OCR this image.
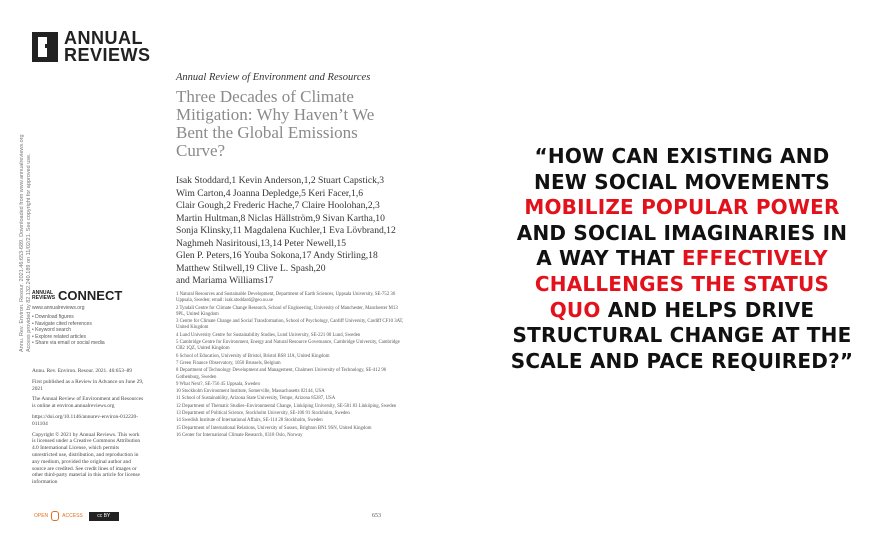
ANNUAL
REVIEWS
Annu. Rev. Environ. Resour. 2021.46:653-689. Downloaded from www.annualreviews.org Access provided by 82.132.240.189 on 11/02/21. See copyright for approved use.
Annual Review of Environment and Resources
Three Decades of Climate Mitigation: Why Haven’t We Bent the Global Emissions Curve?
Isak Stoddard,1 Kevin Anderson,1,2 Stuart Capstick,3
Wim Carton,4 Joanna Depledge,5 Keri Facer,1,6
Clair Gough,2 Frederic Hache,7 Claire Hoolohan,2,3
Martin Hultman,8 Niclas Hällström,9 Sivan Kartha,10
Sonja Klinsky,11 Magdalena Kuchler,1 Eva Lövbrand,12
Naghmeh Nasiritousi,13,14 Peter Newell,15
Glen P. Peters,16 Youba Sokona,17 Andy Stirling,18
Matthew Stilwell,19 Clive L. Spash,20
and Mariama Williams17
1 Natural Resources and Sustainable Development, Department of Earth Sciences, Uppsala University, SE-752 36 Uppsala, Sweden; email: isak.stoddard@geo.uu.se
2 Tyndall Centre for Climate Change Research, School of Engineering, University of Manchester, Manchester M13 9PL, United Kingdom
3 Centre for Climate Change and Social Transformation, School of Psychology, Cardiff University, Cardiff CF10 3AT, United Kingdom
4 Lund University Centre for Sustainability Studies, Lund University, SE-221 00 Lund, Sweden
5 Cambridge Centre for Environment, Energy and Natural Resource Governance, Cambridge University, Cambridge CB2 1QZ, United Kingdom
6 School of Education, University of Bristol, Bristol BS8 1JA, United Kingdom
7 Green Finance Observatory, 1050 Brussels, Belgium
8 Department of Technology Development and Management, Chalmers University of Technology, SE-412 96 Gothenburg, Sweden
9 What Next?, SE-756 45 Uppsala, Sweden
10 Stockholm Environment Institute, Somerville, Massachusetts 02144, USA
11 School of Sustainability, Arizona State University, Tempe, Arizona 85287, USA
12 Department of Thematic Studies–Environmental Change, Linköping University, SE-581 83 Linköping, Sweden
13 Department of Political Science, Stockholm University, SE-106 91 Stockholm, Sweden
14 Swedish Institute of International Affairs, SE-114 28 Stockholm, Sweden
15 Department of International Relations, University of Sussex, Brighton BN1 9SN, United Kingdom
16 Center for International Climate Research, 0318 Oslo, Norway
ANNUAL REVIEWS CONNECT
www.annualreviews.org
• Download figures
• Navigate cited references
• Keyword search
• Explore related articles
• Share via email or social media

Annu. Rev. Environ. Resour. 2021. 46:653–89

First published as a Review in Advance on June 29, 2021

The Annual Review of Environment and Resources is online at environ.annualreviews.org

https://doi.org/10.1146/annurev-environ-012220-011104

Copyright © 2021 by Annual Reviews. This work is licensed under a Creative Commons Attribution 4.0 International License, which permits unrestricted use, distribution, and reproduction in any medium, provided the original author and source are credited. See credit lines of images or other third-party material in this article for license information

OPEN	ACCESS	cc BY	653
“HOW CAN EXISTING AND NEW SOCIAL MOVEMENTS MOBILIZE POPULAR POWER AND SOCIAL IMAGINARIES IN A WAY THAT EFFECTIVELY CHALLENGES THE STATUS QUO AND HELPS DRIVE STRUCTURAL CHANGE AT THE SCALE AND PACE REQUIRED?”
